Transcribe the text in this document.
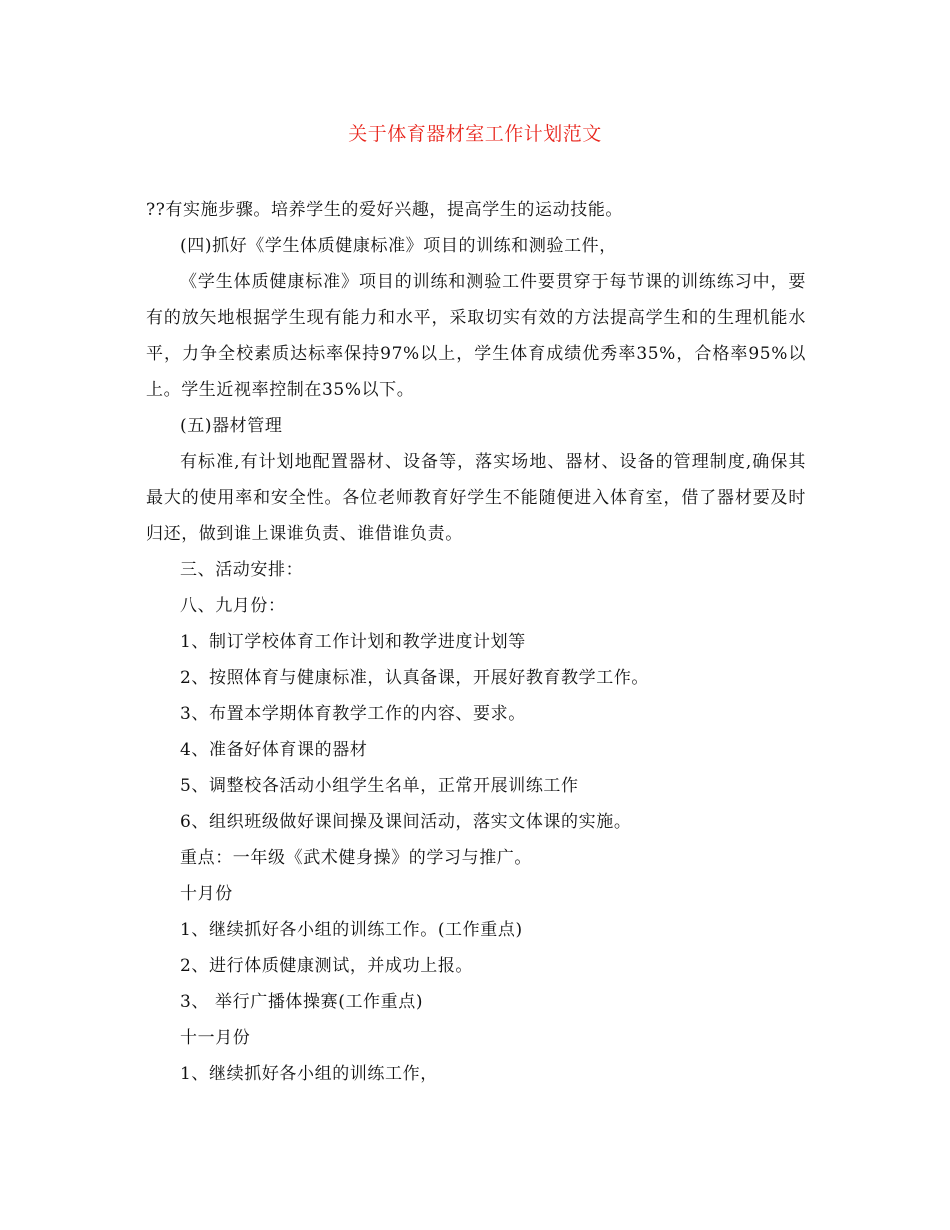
关于体育器材室工作计划范文

??有实施步骤。培养学生的爱好兴趣，提高学生的运动技能。

(四)抓好《学生体质健康标准》项目的训练和测验工件，

《学生体质健康标准》项目的训练和测验工件要贯穿于每节课的训练练习中，要有的放矢地根据学生现有能力和水平，采取切实有效的方法提高学生和的生理机能水平，力争全校素质达标率保持97%以上，学生体育成绩优秀率35%，合格率95%以上。学生近视率控制在35%以下。

(五)器材管理

有标准,有计划地配置器材、设备等，落实场地、器材、设备的管理制度,确保其最大的使用率和安全性。各位老师教育好学生不能随便进入体育室，借了器材要及时归还，做到谁上课谁负责、谁借谁负责。

三、活动安排：

八、九月份：

1、制订学校体育工作计划和教学进度计划等

2、按照体育与健康标准，认真备课，开展好教育教学工作。

3、布置本学期体育教学工作的内容、要求。

4、准备好体育课的器材

5、调整校各活动小组学生名单，正常开展训练工作

6、组织班级做好课间操及课间活动，落实文体课的实施。

重点：一年级《武术健身操》的学习与推广。

十月份

1、继续抓好各小组的训练工作。(工作重点)

2、进行体质健康测试，并成功上报。

3、 举行广播体操赛(工作重点)

十一月份

1、继续抓好各小组的训练工作，
